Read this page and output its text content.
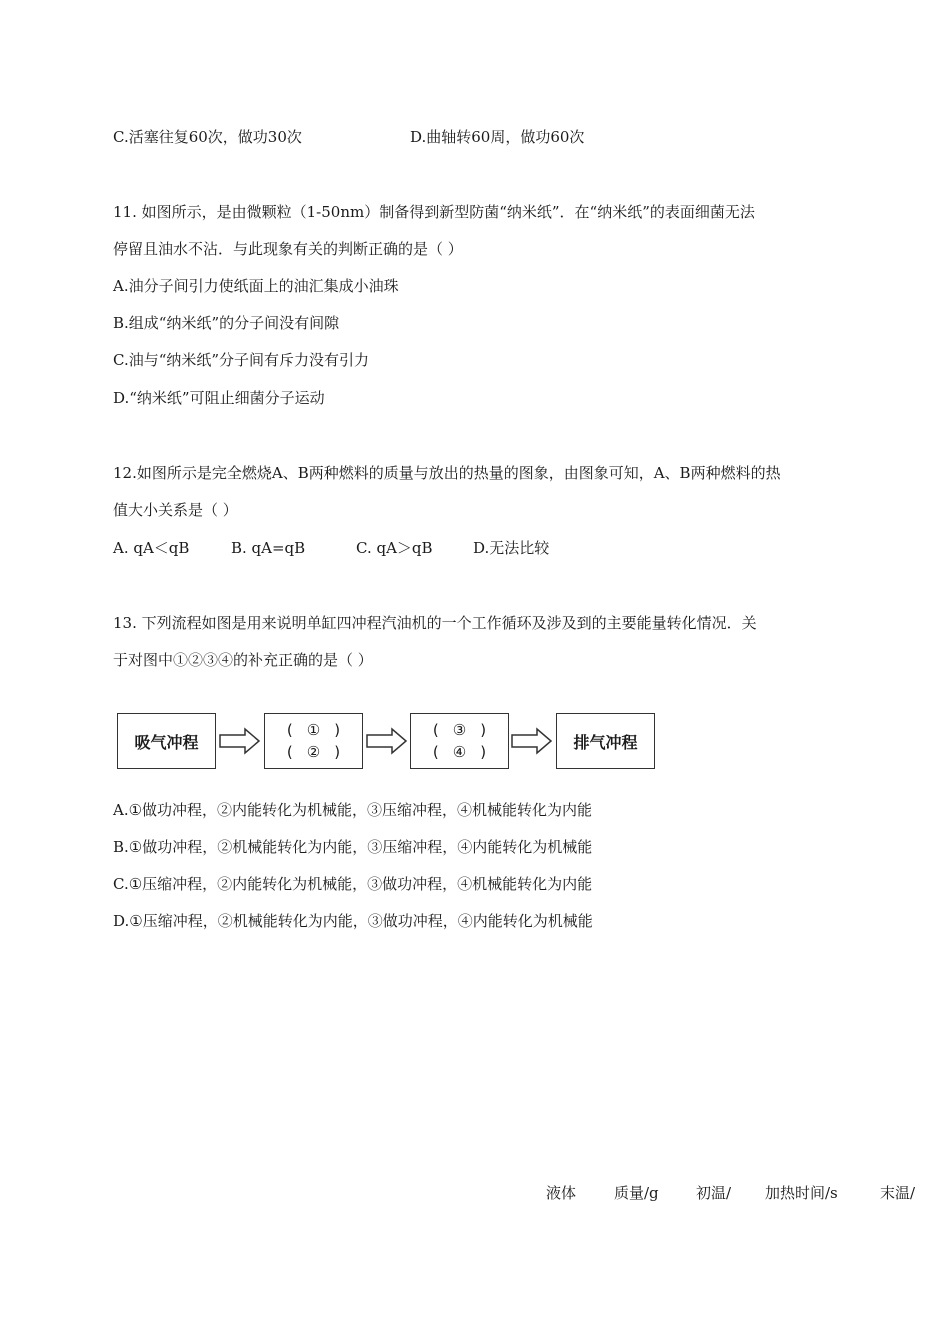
C.活塞往复60次，做功30次	D.曲轴转60周，做功60次
11. 如图所示，是由微颗粒（1-50nm）制备得到新型防菌“纳米纸”．在“纳米纸”的表面细菌无法
停留且油水不沾．与此现象有关的判断正确的是（ ）
A.油分子间引力使纸面上的油汇集成小油珠
B.组成“纳米纸”的分子间没有间隙
C.油与“纳米纸”分子间有斥力没有引力
D.“纳米纸”可阻止细菌分子运动
12.如图所示是完全燃烧A、B两种燃料的质量与放出的热量的图象，由图象可知，A、B两种燃料的热
值大小关系是（ ）
A. qA＜qB	B. qA=qB	C. qA＞qB	D.无法比较
13. 下列流程如图是用来说明单缸四冲程汽油机的一个工作循环及涉及到的主要能量转化情况．关
于对图中①②③④的补充正确的是（ ）
吸气冲程
( ① )
( ② )
( ③ )
( ④ )
排气冲程
A.①做功冲程，②内能转化为机械能，③压缩冲程，④机械能转化为内能
B.①做功冲程，②机械能转化为内能，③压缩冲程，④内能转化为机械能
C.①压缩冲程，②内能转化为机械能，③做功冲程，④机械能转化为内能
D.①压缩冲程，②机械能转化为内能，③做功冲程，④内能转化为机械能
液体	质量/g 初温/ 加热时间/s	末温/
